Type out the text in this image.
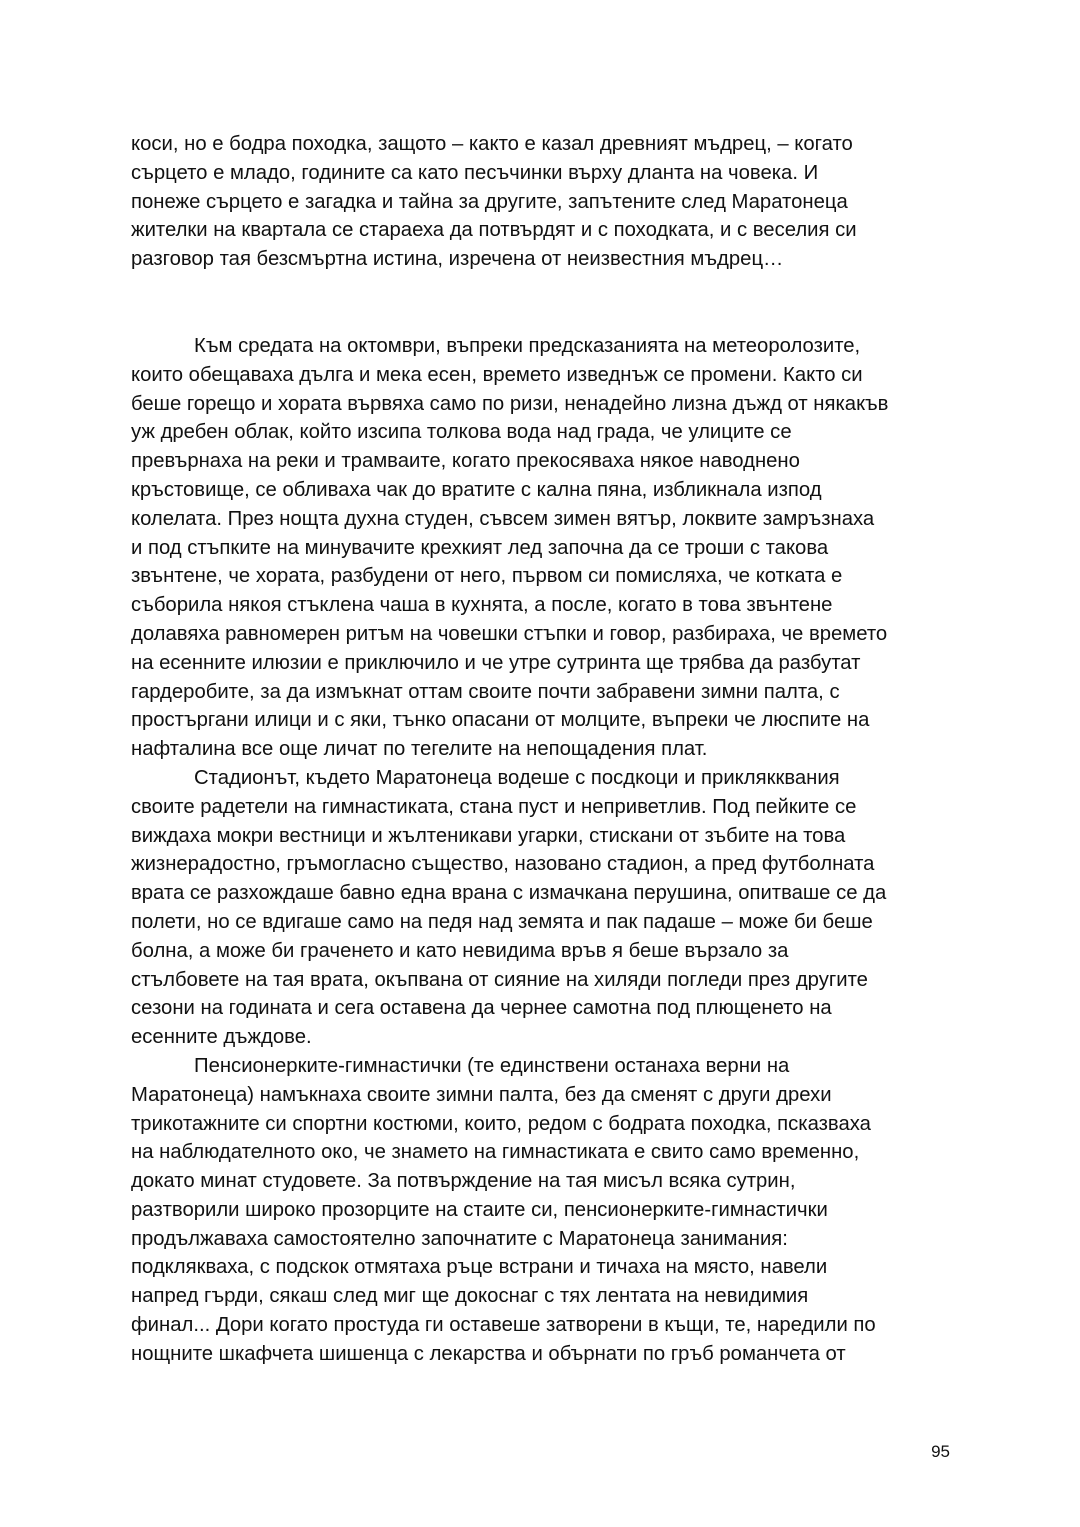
коси, но е бодра походка, защото – както е казал древният мъдрец, – когато
сърцето е младо, годините са като песъчинки върху дланта на човека. И
понеже сърцето е загадка и тайна за другите, запътените след Маратонеца
жителки на квартала се стараеха да потвърдят и с походката, и с веселия си
разговор тая безсмъртна истина, изречена от неизвестния мъдрец…
Към средата на октомври, въпреки предсказанията на метеоролозите,
които обещаваха дълга и мека есен, времето изведнъж се промени. Както си
беше горещо и хората вървяха само по ризи, ненадейно лизна дъжд от някакъв
уж дребен облак, който изсипа толкова вода над града, че улиците се
превърнаха на реки и трамваите, когато прекосяваха някое наводнено
кръстовище, се обливаха чак до вратите с кална пяна, избликнала изпод
колелата. През нощта духна студен, съвсем зимен вятър, локвите замръзнаха
и под стъпките на минувачите крехкият лед започна да се троши с такова
звънтене, че хората, разбудени от него, първом си помисляха, че котката е
съборила някоя стъклена чаша в кухнята, а после, когато в това звънтене
долавяха равномерен ритъм на човешки стъпки и говор, разбираха, че времето
на есенните илюзии е приключило и че утре сутринта ще трябва да разбутат
гардеробите, за да измъкнат оттам своите почти забравени зимни палта, с
простъргани илици и с яки, тънко опасани от молците, въпреки че люспите на
нафталина все още личат по тегелите на непощадения плат.
Стадионът, където Маратонеца водеше с посдкоци и приклякквания
своите радетели на гимнастиката, стана пуст и неприветлив. Под пейките се
виждаха мокри вестници и жълтеникави угарки, стискани от зъбите на това
жизнерадостно, гръмогласно същество, назовано стадион, а пред футболната
врата се разхождаше бавно една врана с измачкана перушина, опитваше се да
полети, но се вдигаше само на педя над земята и пак падаше – може би беше
болна, а може би граченето и като невидима връв я беше вързало за
стълбовете на тая врата, окъпвана от сияние на хиляди погледи през другите
сезони на годината и сега оставена да чернее самотна под плющенето на
есенните дъждове.
Пенсионерките-гимнастички (те единствени останаха верни на
Маратонеца) намъкнаха своите зимни палта, без да сменят с други дрехи
трикотажните си спортни костюми, които, редом с бодрата походка, псказваха
на наблюдателното око, че знамето на гимнастиката е свито само временно,
докато минат студовете. За потвърждение на тая мисъл всяка сутрин,
разтворили широко прозорците на стаите си, пенсионерките-гимнастички
продължаваха самостоятелно започнатите с Маратонеца занимания:
подклякваха, с подскок отмятаха ръце встрани и тичаха на място, навели
напред гърди, сякаш след миг ще докоснаг с тях лентата на невидимия
финал... Дори когато простуда ги оставеше затворени в къщи, те, наредили по
нощните шкафчета шишенца с лекарства и обърнати по гръб романчета от
95
